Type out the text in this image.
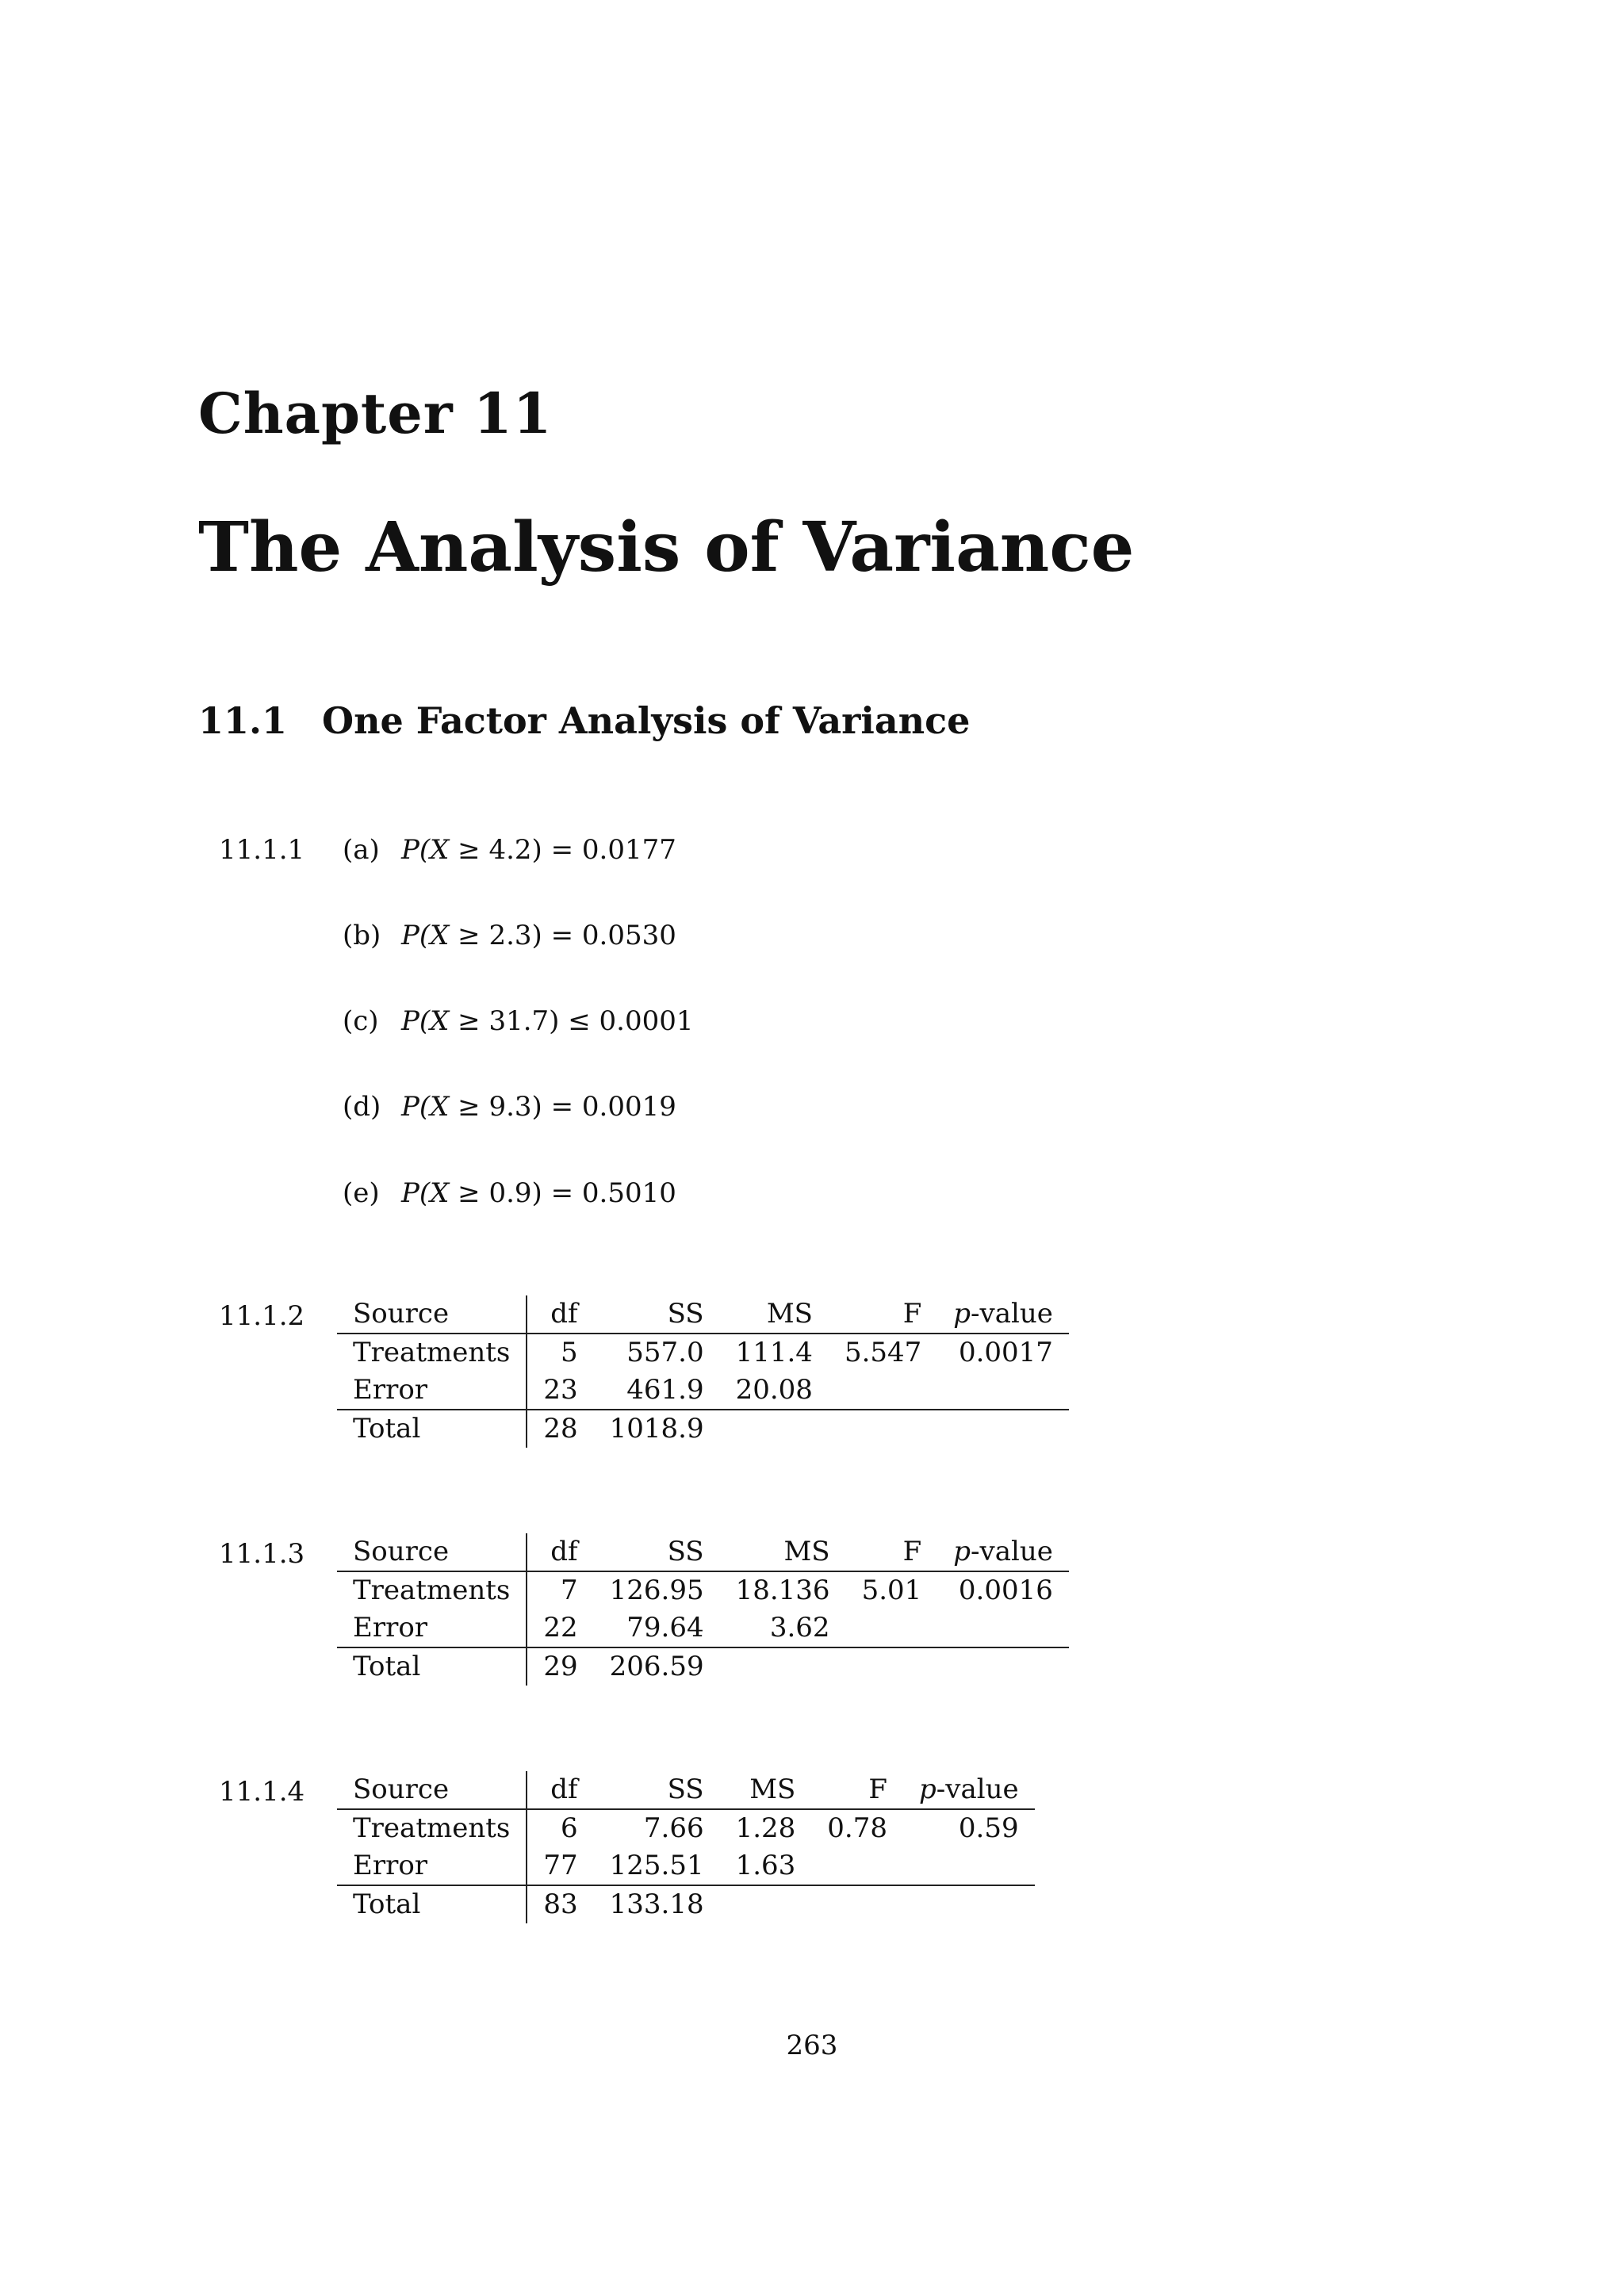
Chapter 11
The Analysis of Variance
11.1 One Factor Analysis of Variance
11.1.1 (a) P(X ≥ 4.2) = 0.0177
(b) P(X ≥ 2.3) = 0.0530
(c) P(X ≥ 31.7) ≤ 0.0001
(d) P(X ≥ 9.3) = 0.0019
(e) P(X ≥ 0.9) = 0.5010
11.1.2 Source	df	SS	MS	F	p-value
Treatments	5	557.0	111.4	5.547	0.0017
Error	23	461.9	20.08		
Total	28	1018.9			
11.1.3 Source	df	SS	MS	F	p-value
Treatments	7	126.95	18.136	5.01	0.0016
Error	22	79.64	3.62		
Total	29	206.59			
11.1.4 Source	df	SS	MS	F	p-value
Treatments	6	7.66	1.28	0.78	0.59
Error	77	125.51	1.63		
Total	83	133.18			
263
